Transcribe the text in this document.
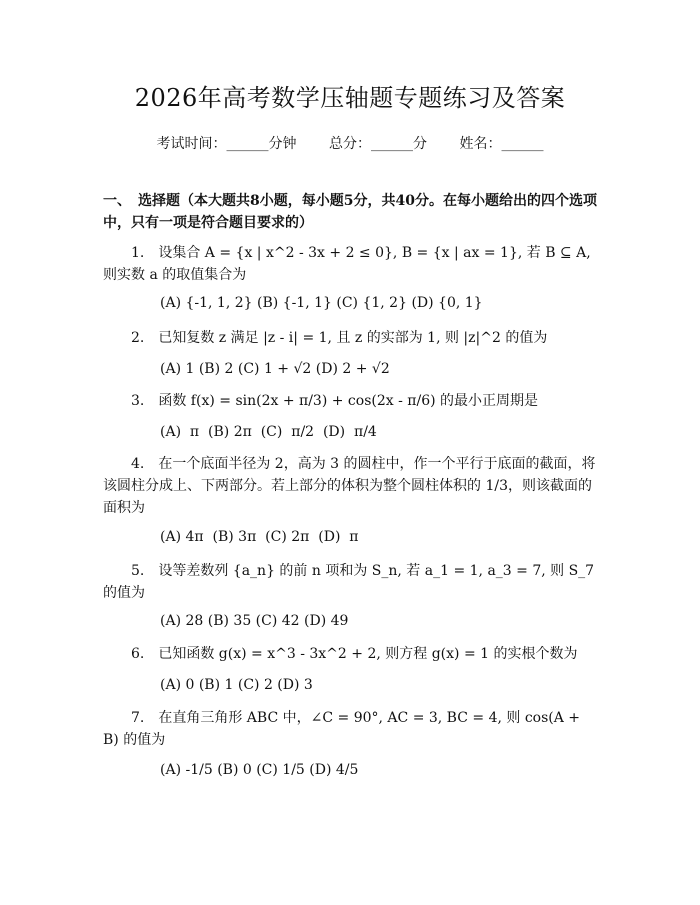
2026年高考数学压轴题专题练习及答案
考试时间：______分钟 总分：______分 姓名：______
一、　选择题（本大题共8小题，每小题5分，共40分。在每小题给出的四个选项中，只有一项是符合题目要求的）
1.　设集合 A = {x | x^2 - 3x + 2 ≤ 0}, B = {x | ax = 1}, 若 B ⊆ A, 则实数 a 的取值集合为
(A) {-1, 1, 2} (B) {-1, 1} (C) {1, 2} (D) {0, 1}
2.　已知复数 z 满足 |z - i| = 1, 且 z 的实部为 1, 则 |z|^2 的值为
(A) 1 (B) 2 (C) 1 + √2 (D) 2 + √2
3.　函数 f(x) = sin(2x + π/3) + cos(2x - π/6) 的最小正周期是
(A)  π  (B) 2π  (C)  π/2  (D)  π/4
4.　在一个底面半径为 2，高为 3 的圆柱中，作一个平行于底面的截面，将该圆柱分成上、下两部分。若上部分的体积为整个圆柱体积的 1/3，则该截面的面积为
(A) 4π  (B) 3π  (C) 2π  (D)  π
5.　设等差数列 {a_n} 的前 n 项和为 S_n, 若 a_1 = 1, a_3 = 7, 则 S_7 的值为
(A) 28 (B) 35 (C) 42 (D) 49
6.　已知函数 g(x) = x^3 - 3x^2 + 2, 则方程 g(x) = 1 的实根个数为
(A) 0 (B) 1 (C) 2 (D) 3
7.　在直角三角形 ABC 中，∠C = 90°, AC = 3, BC = 4, 则 cos(A + B) 的值为
(A) -1/5 (B) 0 (C) 1/5 (D) 4/5
